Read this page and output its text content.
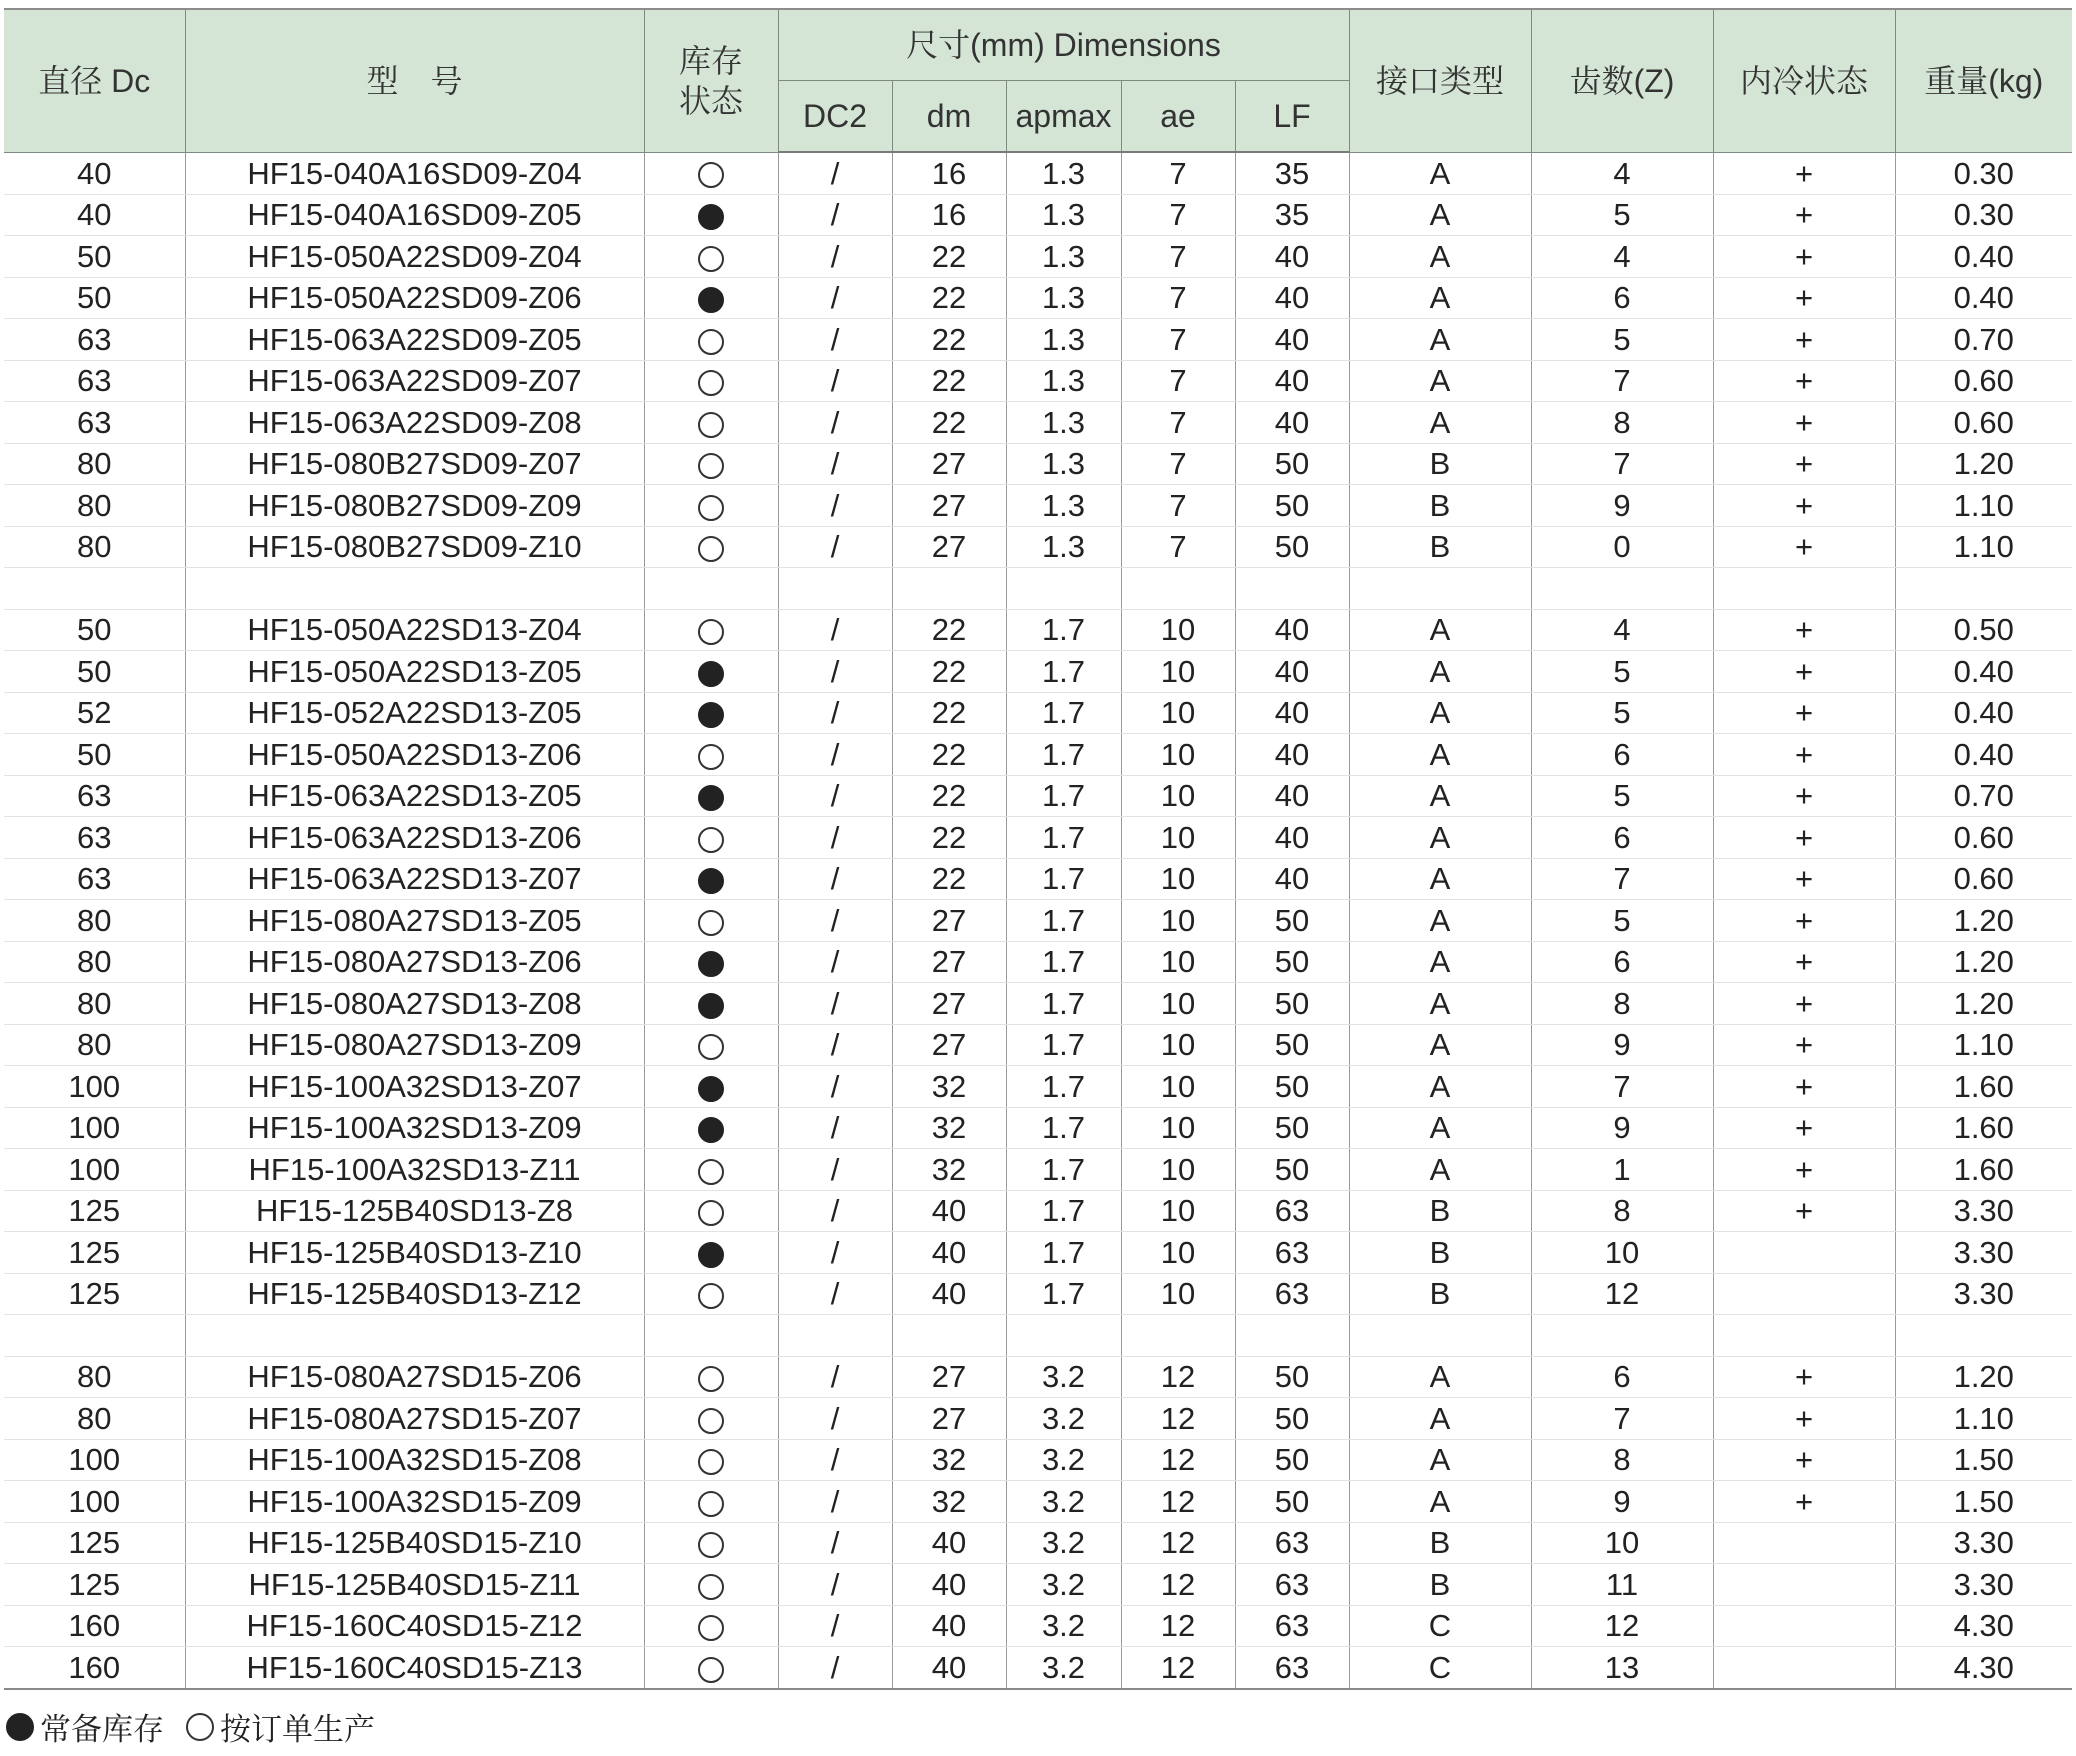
直径 Dc	型　号	库存
状态	尺寸(mm) Dimensions					接口类型	齿数(Z)	内冷状态	重量(kg)
			DC2	dm	apmax	ae	LF				
40	HF15-040A16SD09-Z04		/	16	1.3	7	35	A	4	+	0.30
40	HF15-040A16SD09-Z05		/	16	1.3	7	35	A	5	+	0.30
50	HF15-050A22SD09-Z04		/	22	1.3	7	40	A	4	+	0.40
50	HF15-050A22SD09-Z06		/	22	1.3	7	40	A	6	+	0.40
63	HF15-063A22SD09-Z05		/	22	1.3	7	40	A	5	+	0.70
63	HF15-063A22SD09-Z07		/	22	1.3	7	40	A	7	+	0.60
63	HF15-063A22SD09-Z08		/	22	1.3	7	40	A	8	+	0.60
80	HF15-080B27SD09-Z07		/	27	1.3	7	50	B	7	+	1.20
80	HF15-080B27SD09-Z09		/	27	1.3	7	50	B	9	+	1.10
80	HF15-080B27SD09-Z10		/	27	1.3	7	50	B	0	+	1.10

50	HF15-050A22SD13-Z04		/	22	1.7	10	40	A	4	+	0.50
50	HF15-050A22SD13-Z05		/	22	1.7	10	40	A	5	+	0.40
52	HF15-052A22SD13-Z05		/	22	1.7	10	40	A	5	+	0.40
50	HF15-050A22SD13-Z06		/	22	1.7	10	40	A	6	+	0.40
63	HF15-063A22SD13-Z05		/	22	1.7	10	40	A	5	+	0.70
63	HF15-063A22SD13-Z06		/	22	1.7	10	40	A	6	+	0.60
63	HF15-063A22SD13-Z07		/	22	1.7	10	40	A	7	+	0.60
80	HF15-080A27SD13-Z05		/	27	1.7	10	50	A	5	+	1.20
80	HF15-080A27SD13-Z06		/	27	1.7	10	50	A	6	+	1.20
80	HF15-080A27SD13-Z08		/	27	1.7	10	50	A	8	+	1.20
80	HF15-080A27SD13-Z09		/	27	1.7	10	50	A	9	+	1.10
100	HF15-100A32SD13-Z07		/	32	1.7	10	50	A	7	+	1.60
100	HF15-100A32SD13-Z09		/	32	1.7	10	50	A	9	+	1.60
100	HF15-100A32SD13-Z11		/	32	1.7	10	50	A	1	+	1.60
125	HF15-125B40SD13-Z8		/	40	1.7	10	63	B	8	+	3.30
125	HF15-125B40SD13-Z10		/	40	1.7	10	63	B	10		3.30
125	HF15-125B40SD13-Z12		/	40	1.7	10	63	B	12		3.30

80	HF15-080A27SD15-Z06		/	27	3.2	12	50	A	6	+	1.20
80	HF15-080A27SD15-Z07		/	27	3.2	12	50	A	7	+	1.10
100	HF15-100A32SD15-Z08		/	32	3.2	12	50	A	8	+	1.50
100	HF15-100A32SD15-Z09		/	32	3.2	12	50	A	9	+	1.50
125	HF15-125B40SD15-Z10		/	40	3.2	12	63	B	10		3.30
125	HF15-125B40SD15-Z11		/	40	3.2	12	63	B	11		3.30
160	HF15-160C40SD15-Z12		/	40	3.2	12	63	C	12		4.30
160	HF15-160C40SD15-Z13		/	40	3.2	12	63	C	13		4.30
常备库存 按订单生产
